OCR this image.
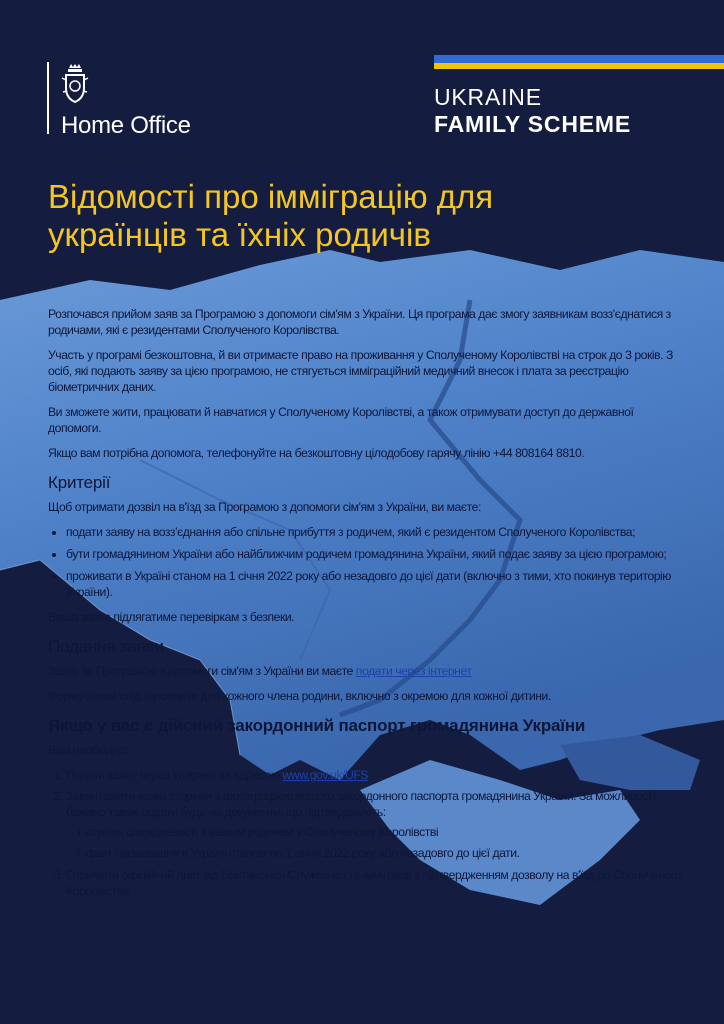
Home Office
UKRAINE
FAMILY SCHEME
Відомості про імміграцію для
українців та їхніх родичів

Розпочався прийом заяв за Програмою з допомоги сім'ям з України. Ця програма дає змогу заявникам возз'єднатися з родичами, які є резидентами Сполученого Королівства.

Участь у програмі безкоштовна, й ви отримаєте право на проживання у Сполученому Королівстві на строк до 3 років. З осіб, які подають заяву за цією програмою, не стягується імміграційний медичний внесок і плата за реєстрацію біометричних даних.

Ви зможете жити, працювати й навчатися у Сполученому Королівстві, а також отримувати доступ до державної допомоги.

Якщо вам потрібна допомога, телефонуйте на безкоштовну цілодобову гарячу лінію +44 808164 8810.

Критерії

Щоб отримати дозвіл на в'їзд за Програмою з допомоги сім'ям з України, ви маєте:

• подати заяву на возз'єднання або спільне прибуття з родичем, який є резидентом Сполученого Королівства;
• бути громадянином України або найближчим родичем громадянина України, який подає заяву за цією програмою;
• проживати в Україні станом на 1 січня 2022 року або незадовго до цієї дати (включно з тими, хто покинув територію України).

Ваша заява підлягатиме перевіркам з безпеки.

Подання заяви

Заяву за Програмою з допомоги сім'ям з України ви маєте подати через інтернет

Форму заяви слід заповнити для кожного члена родини, включно з окремою для кожної дитини.

Якщо у вас є дійсний закордонний паспорт громадянина України

Вам необхідно:

1. Подати заяву через інтернет за адресою www.gov.uk/UFS
2. Завантажити копію сторінки з фотографією вашого закордонного паспорта громадянина України. За можливості бажано також подати будь-які документи, що підтверджують:
i. ступінь спорідненості з вашим родичем у Сполученому Королівстві
ii. факт проживання в Україні станом на 1 січня 2022 року або незадовго до цієї дати.
3. Отримати офіційний лист від Британської Служби віз та імміграції з підтвердженням дозволу на в'їзд до Сполученого Королівства.
